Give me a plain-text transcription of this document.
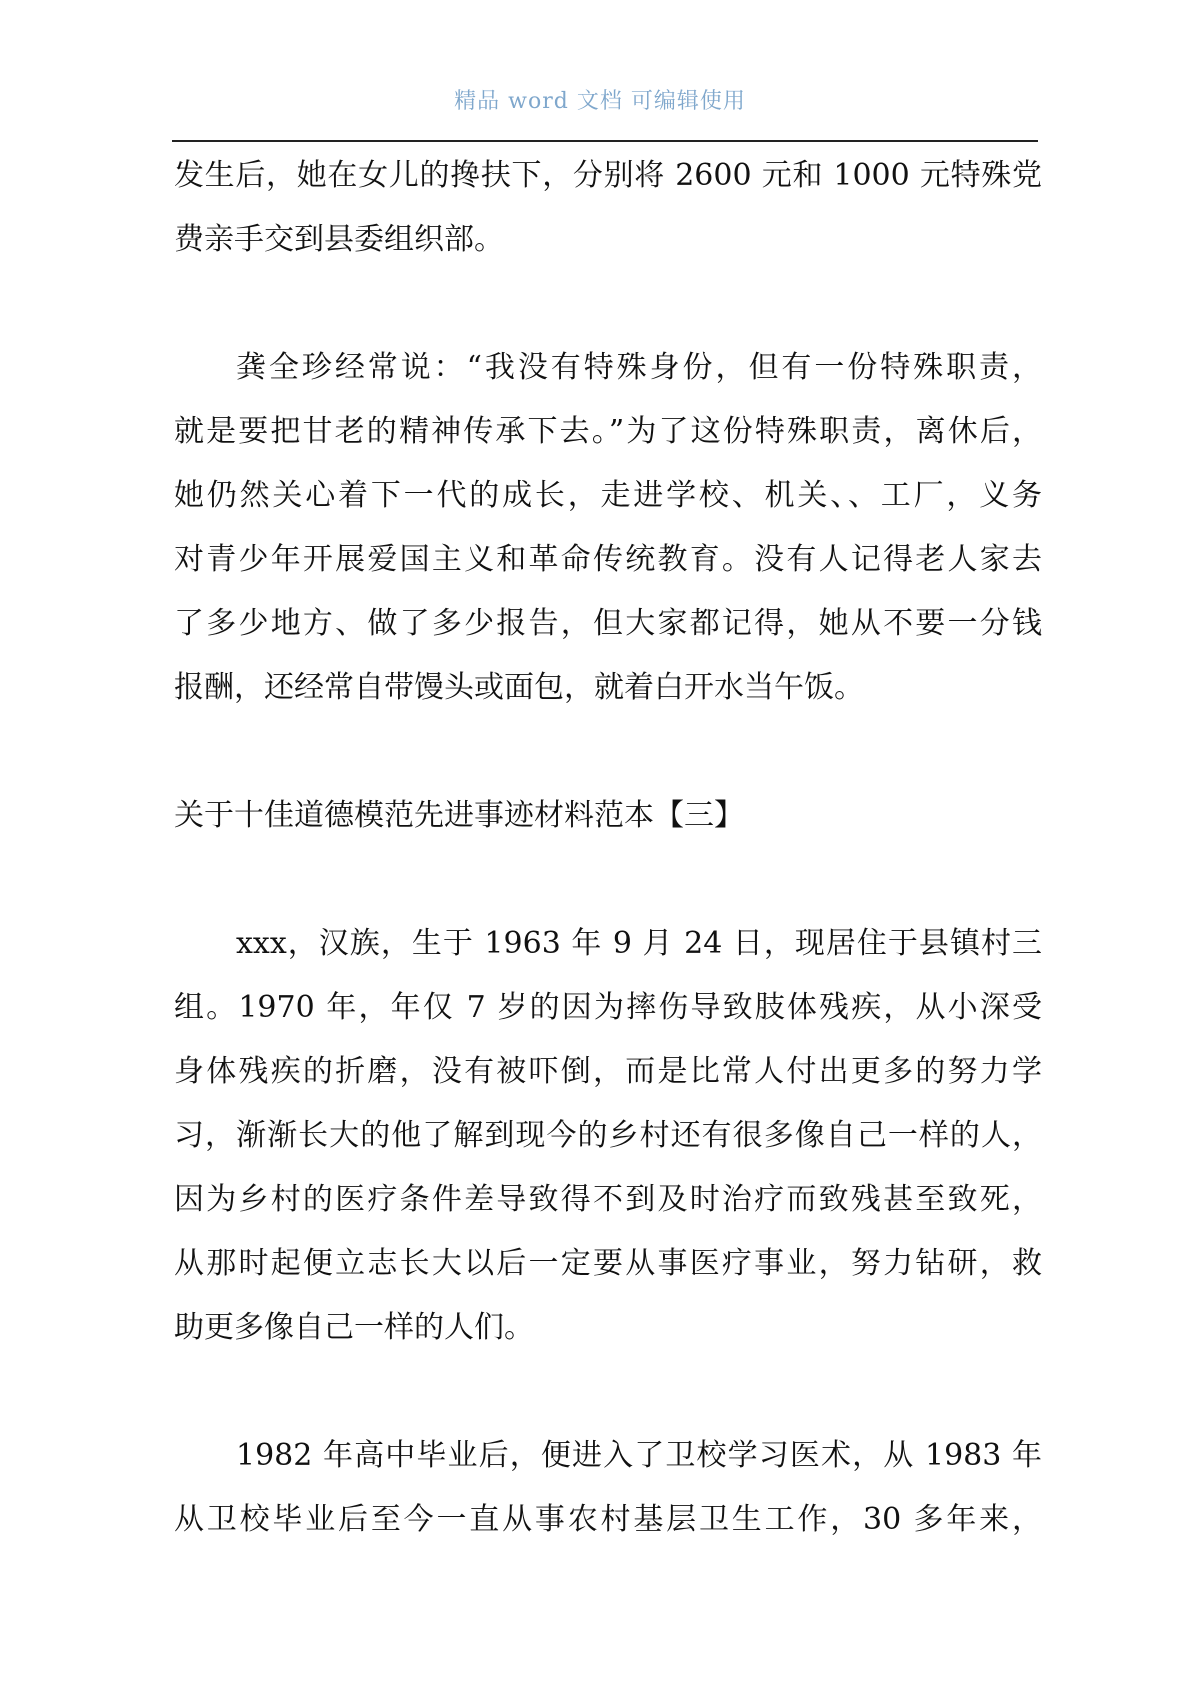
精品 word 文档 可编辑使用
发生后，她在女儿的搀扶下，分别将 2600 元和 1000 元特殊党
费亲手交到县委组织部。
龚全珍经常说：“我没有特殊身份，但有一份特殊职责，
就是要把甘老的精神传承下去。”为了这份特殊职责，离休后，
她仍然关心着下一代的成长，走进学校、机关、、工厂，义务
对青少年开展爱国主义和革命传统教育。没有人记得老人家去
了多少地方、做了多少报告，但大家都记得，她从不要一分钱
报酬，还经常自带馒头或面包，就着白开水当午饭。
关于十佳道德模范先进事迹材料范本【三】
xxx，汉族，生于 1963 年 9 月 24 日，现居住于县镇村三
组。1970 年，年仅 7 岁的因为摔伤导致肢体残疾，从小深受
身体残疾的折磨，没有被吓倒，而是比常人付出更多的努力学
习，渐渐长大的他了解到现今的乡村还有很多像自己一样的人，
因为乡村的医疗条件差导致得不到及时治疗而致残甚至致死，
从那时起便立志长大以后一定要从事医疗事业，努力钻研，救
助更多像自己一样的人们。
1982 年高中毕业后，便进入了卫校学习医术，从 1983 年
从卫校毕业后至今一直从事农村基层卫生工作，30 多年来，
